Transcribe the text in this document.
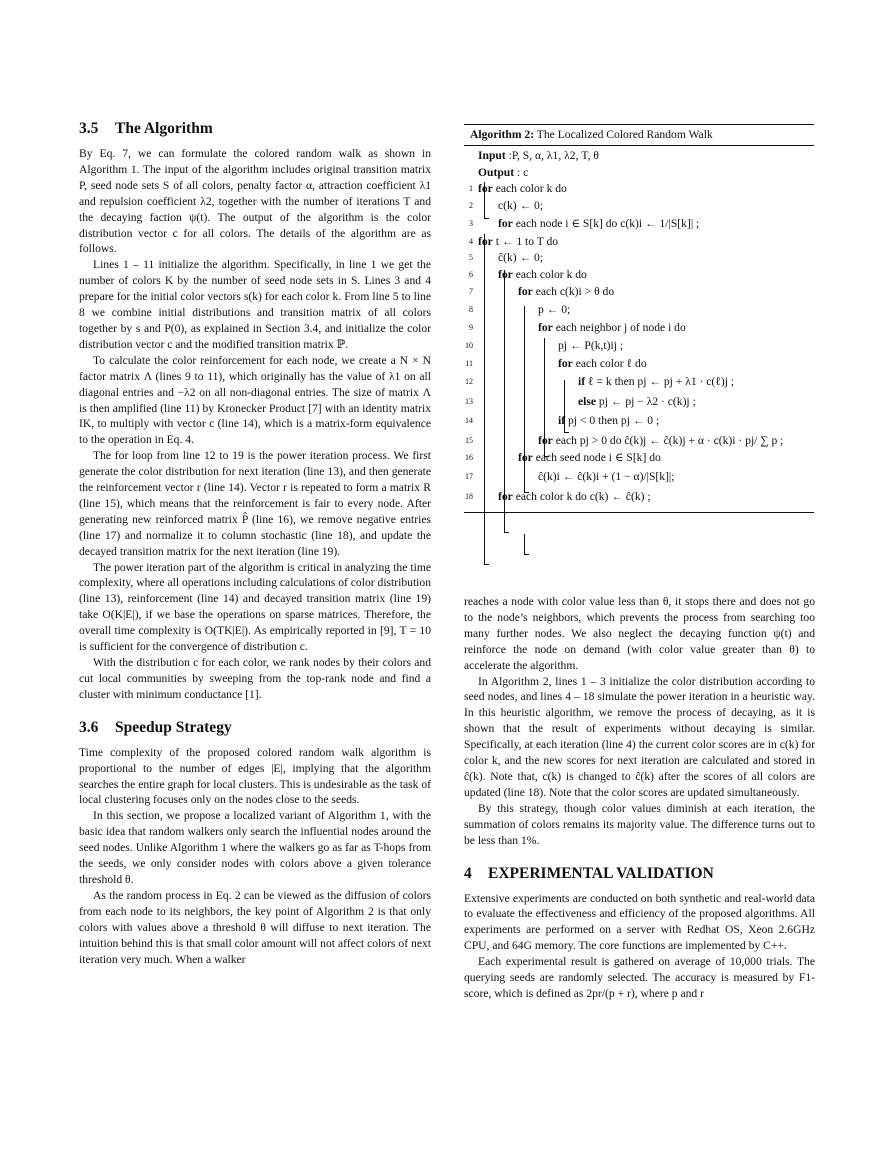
3.5 The Algorithm

By Eq. 7, we can formulate the colored random walk as shown in Algorithm 1. The input of the algorithm includes original transition matrix P, seed node sets S of all colors, penalty factor α, attraction coefficient λ1 and repulsion coefficient λ2, together with the number of iterations T and the decaying faction ψ(t). The output of the algorithm is the color distribution vector c for all colors. The details of the algorithm are as follows.

Lines 1 – 11 initialize the algorithm. Specifically, in line 1 we get the number of colors K by the number of seed node sets in S. Lines 3 and 4 prepare for the initial color vectors s(k) for each color k. From line 5 to line 8 we combine initial distributions and transition matrix of all colors together by s and P(0), as explained in Section 3.4, and initialize the color distribution vector c and the modified transition matrix ℙ.

To calculate the color reinforcement for each node, we create a N × N factor matrix Λ (lines 9 to 11), which originally has the value of λ1 on all diagonal entries and −λ2 on all non-diagonal entries. The size of matrix Λ is then amplified (line 11) by Kronecker Product [7] with an identity matrix IK, to multiply with vector c (line 14), which is a matrix-form equivalence to the operation in Eq. 4.

The for loop from line 12 to 19 is the power iteration process. We first generate the color distribution for next iteration (line 13), and then generate the reinforcement vector r (line 14). Vector r is repeated to form a matrix R (line 15), which means that the reinforcement is fair to every node. After generating new reinforced matrix P̂ (line 16), we remove negative entries (line 17) and normalize it to column stochastic (line 18), and update the decayed transition matrix for the next iteration (line 19).

The power iteration part of the algorithm is critical in analyzing the time complexity, where all operations including calculations of color distribution (line 13), reinforcement (line 14) and decayed transition matrix (line 19) take O(K|E|), if we base the operations on sparse matrices. Therefore, the overall time complexity is O(TK|E|). As empirically reported in [9], T = 10 is sufficient for the convergence of distribution c.

With the distribution c for each color, we rank nodes by their colors and cut local communities by sweeping from the top-rank node and find a cluster with minimum conductance [1].

3.6 Speedup Strategy

Time complexity of the proposed colored random walk algorithm is proportional to the number of edges |E|, implying that the algorithm searches the entire graph for local clusters. This is undesirable as the task of local clustering focuses only on the nodes close to the seeds.

In this section, we propose a localized variant of Algorithm 1, with the basic idea that random walkers only search the influential nodes around the seed nodes. Unlike Algorithm 1 where the walkers go as far as T-hops from the seeds, we only consider nodes with colors above a given tolerance threshold θ.

As the random process in Eq. 2 can be viewed as the diffusion of colors from each node to its neighbors, the key point of Algorithm 2 is that only colors with values above a threshold θ will diffuse to next iteration. The intuition behind this is that small color amount will not affect colors of next iteration very much. When a walker

Algorithm 2: The Localized Colored Random Walk
Input :P, S, α, λ1, λ2, T, θ
Output : c
1 for each color k do
2 c(k) ← 0;
3 for each node i ∈ S[k] do c(k)i ← 1/|S[k]| ;
4 for t ← 1 to T do
5 ĉ(k) ← 0;
6 for each color k do
7	for each c(k)i > θ do
8	p ← 0;
9	for each neighbor j of node i do
10	pj ← P(k,t)ij ;
11	for each color ℓ do
12	if ℓ = k then pj ← pj + λ1 · c(ℓ)j ;
13	else pj ← pj − λ2 · c(k)j ;
14	if pj < 0 then pj ← 0 ;
15	for each pj > 0 do ĉ(k)j ← ĉ(k)j + α · c(k)i · pj/ ∑ p ;
16	for each seed node i ∈ S[k] do
17	ĉ(k)i ← ĉ(k)i + (1 − α)/|S[k]|;
18 for each color k do c(k) ← ĉ(k) ;

reaches a node with color value less than θ, it stops there and does not go to the node’s neighbors, which prevents the process from searching too many further nodes. We also neglect the decaying function ψ(t) and reinforce the node on demand (with color value greater than θ) to accelerate the algorithm.

In Algorithm 2, lines 1 – 3 initialize the color distribution according to seed nodes, and lines 4 – 18 simulate the power iteration in a heuristic way. In this heuristic algorithm, we remove the process of decaying, as it is shown that the result of experiments without decaying is similar. Specifically, at each iteration (line 4) the current color scores are in c(k) for color k, and the new scores for next iteration are calculated and stored in ĉ(k). Note that, c(k) is changed to ĉ(k) after the scores of all colors are updated (line 18). Note that the color scores are updated simultaneously.

By this strategy, though color values diminish at each iteration, the summation of colors remains its majority value. The difference turns out to be less than 1%.

4 EXPERIMENTAL VALIDATION

Extensive experiments are conducted on both synthetic and real-world data to evaluate the effectiveness and efficiency of the proposed algorithms. All experiments are performed on a server with Redhat OS, Xeon 2.6GHz CPU, and 64G memory. The core functions are implemented by C++.

Each experimental result is gathered on average of 10,000 trials. The querying seeds are randomly selected. The accuracy is measured by F1-score, which is defined as 2pr/(p + r), where p and r
